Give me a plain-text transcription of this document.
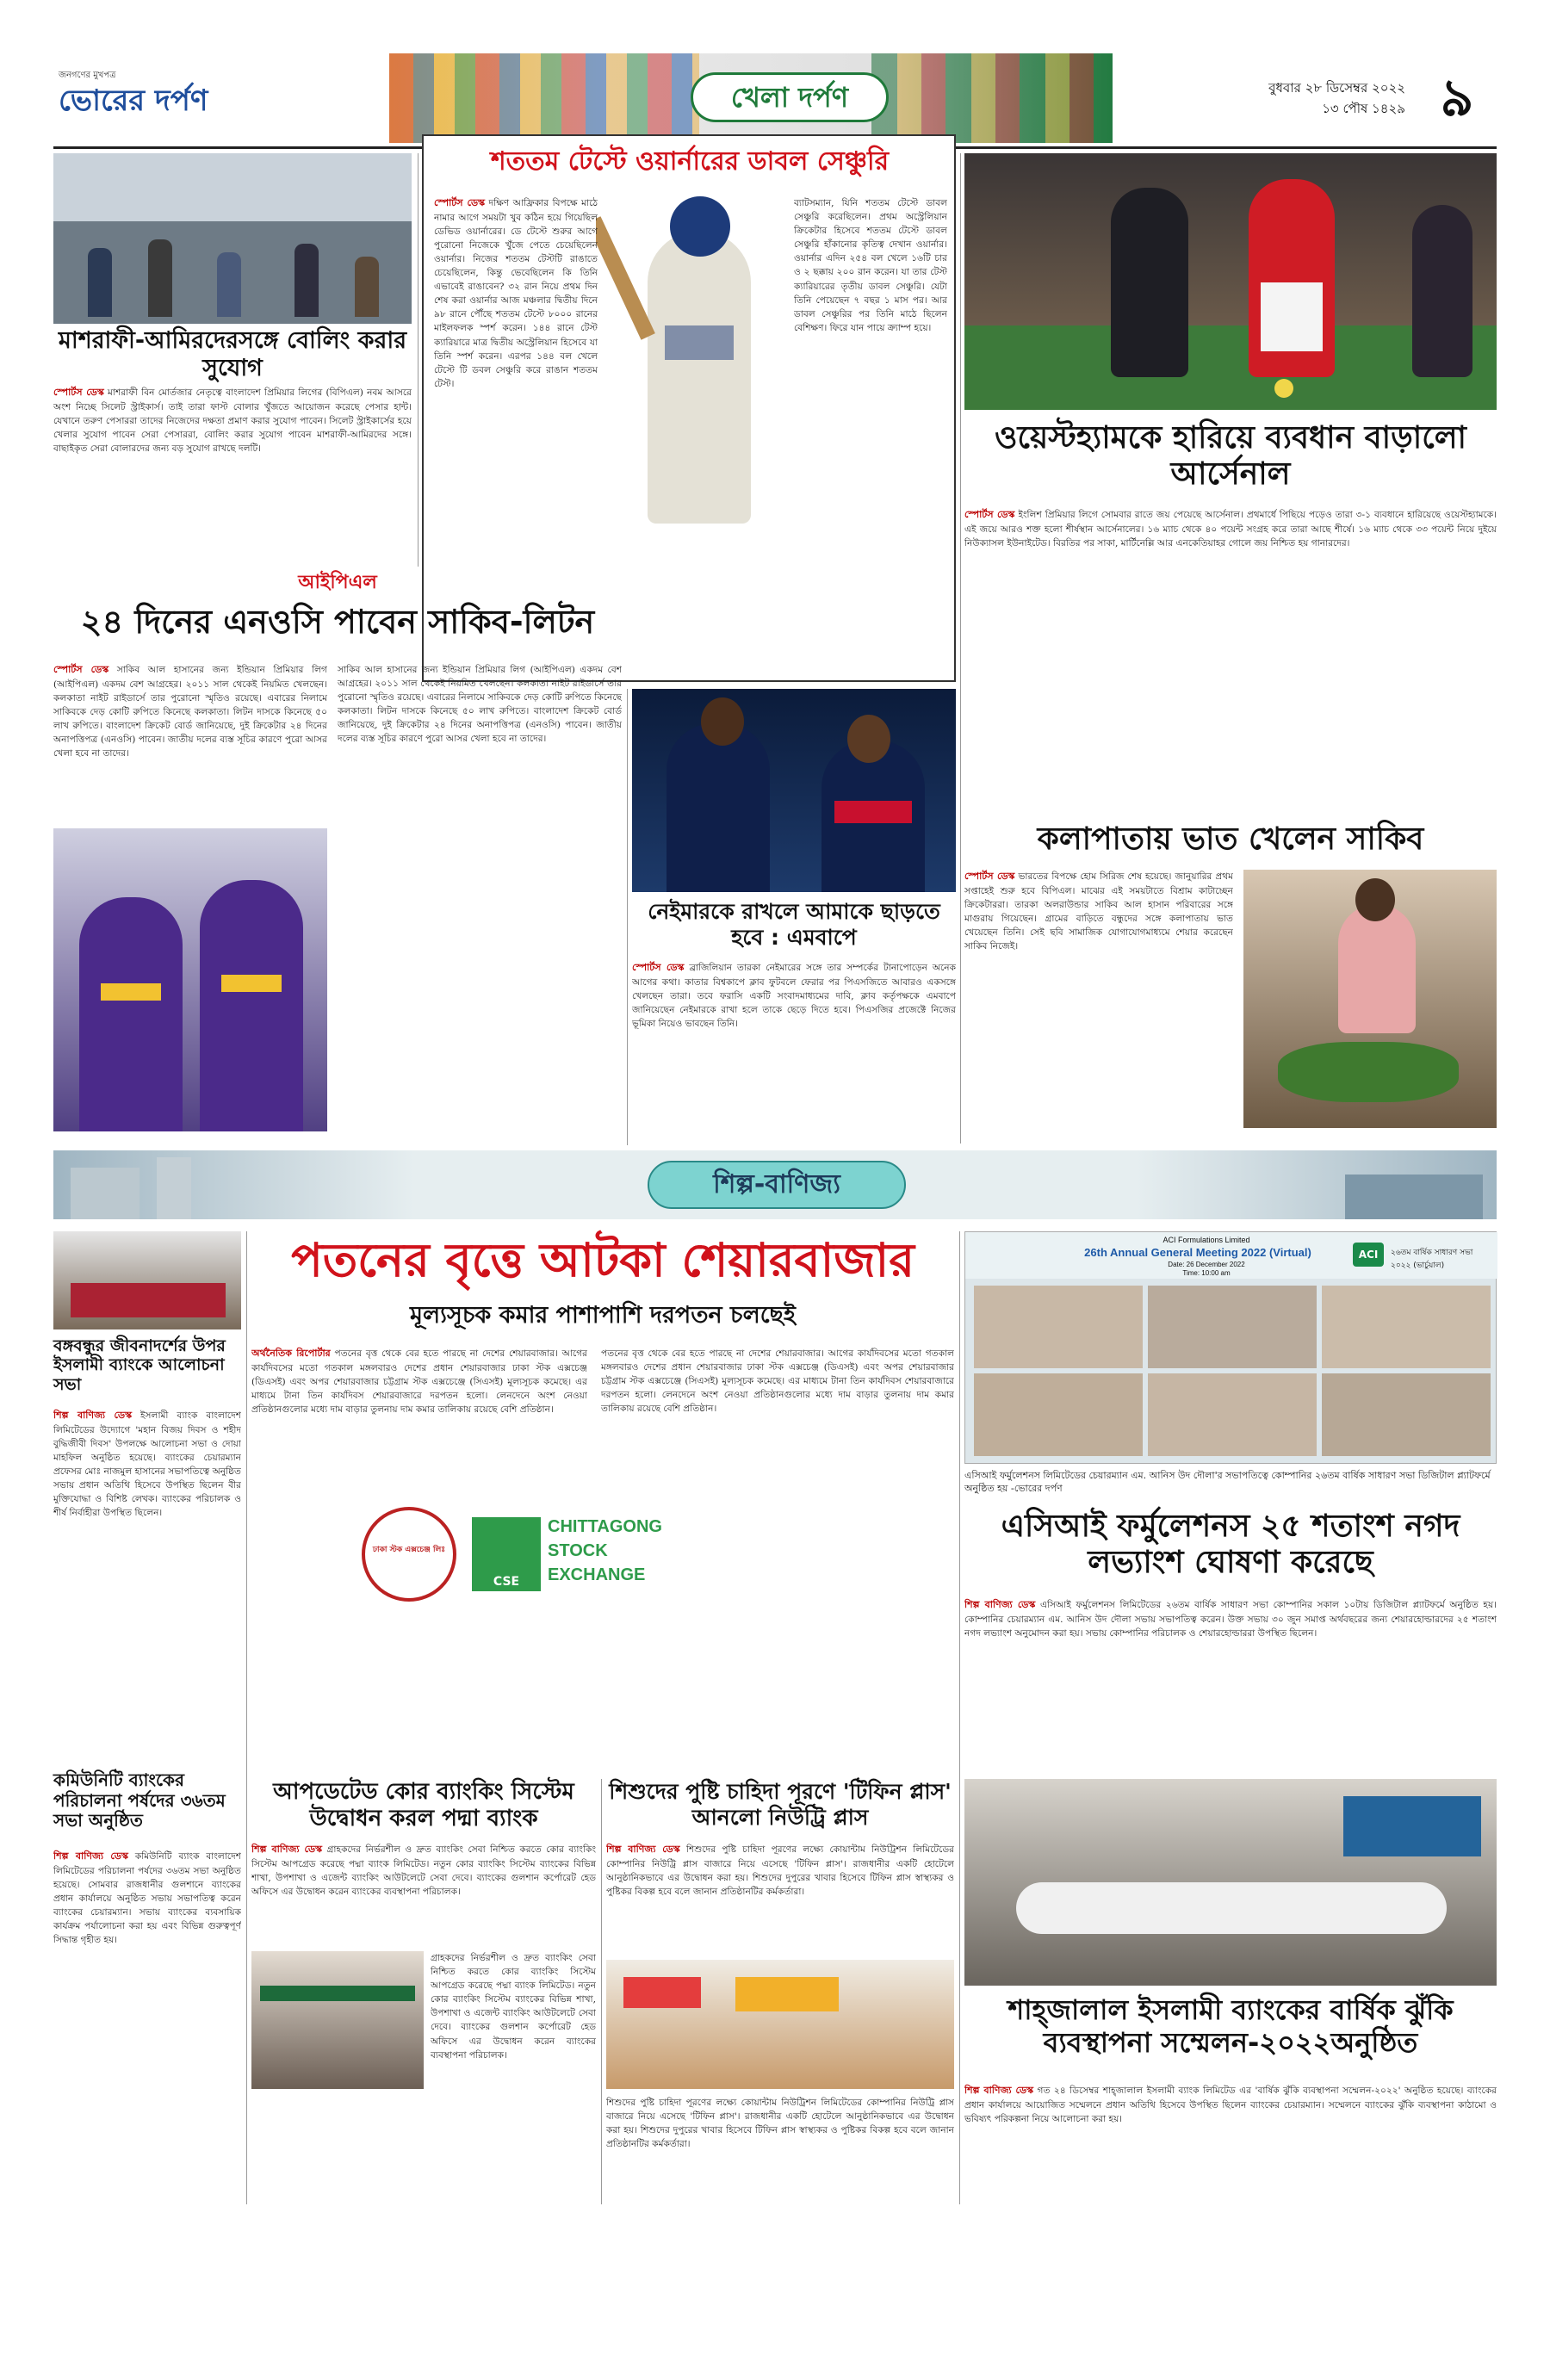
জনগণের মুখপত্র
ভোরের দর্পণ	খেলা দর্পণ	বুধবার ২৮ ডিসেম্বর ২০২২
১৩ পৌষ ১৪২৯ ৯
মাশরাফী-আমিরদেরসঙ্গে বোলিং করার সুযোগ
স্পোর্টস ডেস্ক মাশরাফী বিন মোর্তজার নেতৃত্বে বাংলাদেশ প্রিমিয়ার লিগের (বিপিএল) নবম আসরে অংশ নিচ্ছে সিলেট স্ট্রাইকার্স। তাই তারা ফাস্ট বোলার খুঁজতে আয়োজন করেছে পেসার হান্ট। যেখানে তরুণ পেসাররা তাদের নিজেদের দক্ষতা প্রমাণ করার সুযোগ পাবেন। সিলেট স্ট্রাইকার্সের হয়ে খেলার সুযোগ পাবেন সেরা পেসাররা, বোলিং করার সুযোগ পাবেন মাশরাফী-আমিরদের সঙ্গে। বাছাইকৃত সেরা বোলারদের জন্য বড় সুযোগ রাখছে দলটি।
শততম টেস্টে ওয়ার্নারের ডাবল সেঞ্চুরি
স্পোর্টস ডেস্ক দক্ষিণ আফ্রিকার বিপক্ষে মাঠে নামার আগে সময়টা খুব কঠিন হয়ে গিয়েছিল ডেভিড ওয়ার্নারের। ডে টেস্টে শুরুর আগে পুরোনো নিজেকে খুঁজে পেতে চেয়েছিলেন ওয়ার্নার। নিজের শততম টেস্টটি রাঙাতে চেয়েছিলেন, কিন্তু ভেবেছিলেন কি তিনি এভাবেই রাঙাবেন? ৩২ রান নিয়ে প্রথম দিন শেষ করা ওয়ার্নার আজ মঞ্চলার দ্বিতীয় দিনে ৯৮ রানে পৌঁছে শততম টেস্টে ৮০০০ রানের মাইলফলক স্পর্শ করেন। ১৪৪ রানে টেস্ট ক্যারিয়ারে মাত্র দ্বিতীয় অস্ট্রেলিয়ান হিসেবে যা তিনি স্পর্শ করেন। এরপর ১৪৪ বল খেলে টেস্টে টি ডবল সেঞ্চুরি করে রাঙান শততম টেস্ট।
ব্যাটসম্যান, যিনি শততম টেস্টে ডাবল সেঞ্চুরি করেছিলেন। প্রথম অস্ট্রেলিয়ান ক্রিকেটার হিসেবে শততম টেস্টে ডাবল সেঞ্চুরি হাঁকানোর কৃতিত্ব দেখান ওয়ার্নার। ওয়ার্নার এদিন ২৫৪ বল খেলে ১৬টি চার ও ২ ছক্কায় ২০০ রান করেন। যা তার টেস্ট ক্যারিয়ারের তৃতীয় ডাবল সেঞ্চুরি। যেটা তিনি পেয়েছেন ৭ বছর ১ মাস পর। আর ডাবল সেঞ্চুরির পর তিনি মাঠে ছিলেন বেশিক্ষণ। ফিরে যান পায়ে ক্র্যাম্প হয়ে।
ওয়েস্টহ্যামকে হারিয়ে ব্যবধান বাড়ালো আর্সেনাল
স্পোর্টস ডেস্ক ইংলিশ প্রিমিয়ার লিগে সোমবার রাতে জয় পেয়েছে আর্সেনাল। প্রথমার্ধে পিছিয়ে পড়েও তারা ৩-১ ব্যবধানে হারিয়েছে ওয়েস্টহ্যামকে। এই জয়ে আরও শক্ত হলো শীর্ষস্থান আর্সেনালের। ১৬ ম্যাচ থেকে ৪০ পয়েন্ট সংগ্রহ করে তারা আছে শীর্ষে। ১৬ ম্যাচ থেকে ৩৩ পয়েন্ট নিয়ে দুইয়ে নিউক্যাসল ইউনাইটেড। বিরতির পর সাকা, মার্টিনেল্লি আর এনকেতিয়াহর গোলে জয় নিশ্চিত হয় গানারদের।
আইপিএল
২৪ দিনের এনওসি পাবেন সাকিব-লিটন
স্পোর্টস ডেস্ক সাকিব আল হাসানের জন্য ইন্ডিয়ান প্রিমিয়ার লিগ (আইপিএল) একদম বেশ আগ্রহের। ২০১১ সাল থেকেই নিয়মিত খেলছেন। কলকাতা নাইট রাইডার্সে তার পুরোনো স্মৃতিও রয়েছে। এবারের নিলামে সাকিবকে দেড় কোটি রুপিতে কিনেছে কলকাতা। লিটন দাসকে কিনেছে ৫০ লাখ রুপিতে। বাংলাদেশ ক্রিকেট বোর্ড জানিয়েছে, দুই ক্রিকেটার ২৪ দিনের অনাপত্তিপত্র (এনওসি) পাবেন। জাতীয় দলের ব্যস্ত সূচির কারণে পুরো আসর খেলা হবে না তাদের।
সাকিব আল হাসানের জন্য ইন্ডিয়ান প্রিমিয়ার লিগ (আইপিএল) একদম বেশ আগ্রহের। ২০১১ সাল থেকেই নিয়মিত খেলছেন। কলকাতা নাইট রাইডার্সে তার পুরোনো স্মৃতিও রয়েছে। এবারের নিলামে সাকিবকে দেড় কোটি রুপিতে কিনেছে কলকাতা। লিটন দাসকে কিনেছে ৫০ লাখ রুপিতে। বাংলাদেশ ক্রিকেট বোর্ড জানিয়েছে, দুই ক্রিকেটার ২৪ দিনের অনাপত্তিপত্র (এনওসি) পাবেন। জাতীয় দলের ব্যস্ত সূচির কারণে পুরো আসর খেলা হবে না তাদের।
নেইমারকে রাখলে আমাকে ছাড়তে হবে : এমবাপে
স্পোর্টস ডেস্ক ব্রাজিলিয়ান তারকা নেইমারের সঙ্গে তার সম্পর্কের টানাপোড়েন অনেক আগের কথা। কাতার বিশ্বকাপে ক্লাব ফুটবলে ফেরার পর পিএসজিতে আবারও একসঙ্গে খেলছেন তারা। তবে ফরাসি একটি সংবাদমাধ্যমের দাবি, ক্লাব কর্তৃপক্ষকে এমবাপে জানিয়েছেন নেইমারকে রাখা হলে তাকে ছেড়ে দিতে হবে। পিএসজির প্রজেক্টে নিজের ভূমিকা নিয়েও ভাবছেন তিনি।
কলাপাতায় ভাত খেলেন সাকিব
স্পোর্টস ডেস্ক ভারতের বিপক্ষে হোম সিরিজ শেষ হয়েছে। জানুয়ারির প্রথম সপ্তাহেই শুরু হবে বিপিএল। মাঝের এই সময়টাতে বিশ্রাম কাটাচ্ছেন ক্রিকেটাররা। তারকা অলরাউন্ডার সাকিব আল হাসান পরিবারের সঙ্গে মাগুরায় গিয়েছেন। গ্রামের বাড়িতে বন্ধুদের সঙ্গে কলাপাতায় ভাত খেয়েছেন তিনি। সেই ছবি সামাজিক যোগাযোগমাধ্যমে শেয়ার করেছেন সাকিব নিজেই।
শিল্প-বাণিজ্য
বঙ্গবন্ধুর জীবনাদর্শের উপর ইসলামী ব্যাংকে আলোচনা সভা
শিল্প বাণিজ্য ডেস্ক ইসলামী ব্যাংক বাংলাদেশ লিমিটেডের উদ্যোগে 'মহান বিজয় দিবস ও শহীদ বুদ্ধিজীবী দিবস' উপলক্ষে আলোচনা সভা ও দোয়া মাহফিল অনুষ্ঠিত হয়েছে। ব্যাংকের চেয়ারম্যান প্রফেসর মোঃ নাজমুল হাসানের সভাপতিত্বে অনুষ্ঠিত সভায় প্রধান অতিথি হিসেবে উপস্থিত ছিলেন বীর মুক্তিযোদ্ধা ও বিশিষ্ট লেখক। ব্যাংকের পরিচালক ও শীর্ষ নির্বাহীরা উপস্থিত ছিলেন।
পতনের বৃত্তে আটকা শেয়ারবাজার
মূল্যসূচক কমার পাশাপাশি দরপতন চলছেই
অর্থনৈতিক রিপোর্টার পতনের বৃত্ত থেকে বের হতে পারছে না দেশের শেয়ারবাজার। আগের কার্যদিবসের মতো গতকাল মঙ্গলবারও দেশের প্রধান শেয়ারবাজার ঢাকা স্টক এক্সচেঞ্জ (ডিএসই) এবং অপর শেয়ারবাজার চট্টগ্রাম স্টক এক্সচেঞ্জে (সিএসই) মূল্যসূচক কমেছে। এর মাধ্যমে টানা তিন কার্যদিবস শেয়ারবাজারে দরপতন হলো। লেনদেনে অংশ নেওয়া প্রতিষ্ঠানগুলোর মধ্যে দাম বাড়ার তুলনায় দাম কমার তালিকায় রয়েছে বেশি প্রতিষ্ঠান।
পতনের বৃত্ত থেকে বের হতে পারছে না দেশের শেয়ারবাজার। আগের কার্যদিবসের মতো গতকাল মঙ্গলবারও দেশের প্রধান শেয়ারবাজার ঢাকা স্টক এক্সচেঞ্জ (ডিএসই) এবং অপর শেয়ারবাজার চট্টগ্রাম স্টক এক্সচেঞ্জে (সিএসই) মূল্যসূচক কমেছে। এর মাধ্যমে টানা তিন কার্যদিবস শেয়ারবাজারে দরপতন হলো। লেনদেনে অংশ নেওয়া প্রতিষ্ঠানগুলোর মধ্যে দাম বাড়ার তুলনায় দাম কমার তালিকায় রয়েছে বেশি প্রতিষ্ঠান।
ঢাকা স্টক এক্সচেঞ্জ লিঃ
CSE
CHITTAGONG
STOCK
EXCHANGE
ACI Formulations Limited
26th Annual General Meeting 2022 (Virtual)
Date: 26 December 2022
Time: 10:00 am
ACI	২৬তম বার্ষিক সাধারণ সভা ২০২২ (ভার্চুয়াল)
এসিআই ফর্মুলেশনস লিমিটেডের চেয়ারম্যান এম. আনিস উদ দৌলা'র সভাপতিত্বে কোম্পানির ২৬তম বার্ষিক সাধারণ সভা ডিজিটাল প্ল্যাটফর্মে অনুষ্ঠিত হয় -ভোরের দর্পণ
এসিআই ফর্মুলেশনস ২৫ শতাংশ নগদ লভ্যাংশ ঘোষণা করেছে
শিল্প বাণিজ্য ডেস্ক এসিআই ফর্মুলেশনস লিমিটেডের ২৬তম বার্ষিক সাধারণ সভা কোম্পানির সকাল ১০টায় ডিজিটাল প্ল্যাটফর্মে অনুষ্ঠিত হয়। কোম্পানির চেয়ারম্যান এম. আনিস উদ দৌলা সভায় সভাপতিত্ব করেন। উক্ত সভায় ৩০ জুন সমাপ্ত অর্থবছরের জন্য শেয়ারহোল্ডারদের ২৫ শতাংশ নগদ লভ্যাংশ অনুমোদন করা হয়। সভায় কোম্পানির পরিচালক ও শেয়ারহোল্ডাররা উপস্থিত ছিলেন।
কমিউনিটি ব্যাংকের পরিচালনা পর্ষদের ৩৬তম সভা অনুষ্ঠিত
শিল্প বাণিজ্য ডেস্ক কমিউনিটি ব্যাংক বাংলাদেশ লিমিটেডের পরিচালনা পর্ষদের ৩৬তম সভা অনুষ্ঠিত হয়েছে। সোমবার রাজধানীর গুলশানে ব্যাংকের প্রধান কার্যালয়ে অনুষ্ঠিত সভায় সভাপতিত্ব করেন ব্যাংকের চেয়ারম্যান। সভায় ব্যাংকের ব্যবসায়িক কার্যক্রম পর্যালোচনা করা হয় এবং বিভিন্ন গুরুত্বপূর্ণ সিদ্ধান্ত গৃহীত হয়।
আপডেটেড কোর ব্যাংকিং সিস্টেম উদ্বোধন করল পদ্মা ব্যাংক
শিল্প বাণিজ্য ডেস্ক গ্রাহকদের নির্ভরশীল ও দ্রুত ব্যাংকিং সেবা নিশ্চিত করতে কোর ব্যাংকিং সিস্টেম আপগ্রেড করেছে পদ্মা ব্যাংক লিমিটেড। নতুন কোর ব্যাংকিং সিস্টেম ব্যাংকের বিভিন্ন শাখা, উপশাখা ও এজেন্ট ব্যাংকিং আউটলেটে সেবা দেবে। ব্যাংকের গুলশান কর্পোরেট হেড অফিসে এর উদ্বোধন করেন ব্যাংকের ব্যবস্থাপনা পরিচালক।
গ্রাহকদের নির্ভরশীল ও দ্রুত ব্যাংকিং সেবা নিশ্চিত করতে কোর ব্যাংকিং সিস্টেম আপগ্রেড করেছে পদ্মা ব্যাংক লিমিটেড। নতুন কোর ব্যাংকিং সিস্টেম ব্যাংকের বিভিন্ন শাখা, উপশাখা ও এজেন্ট ব্যাংকিং আউটলেটে সেবা দেবে। ব্যাংকের গুলশান কর্পোরেট হেড অফিসে এর উদ্বোধন করেন ব্যাংকের ব্যবস্থাপনা পরিচালক।
শিশুদের পুষ্টি চাহিদা পূরণে 'টিফিন প্লাস' আনলো নিউট্রি প্লাস
শিল্প বাণিজ্য ডেস্ক শিশুদের পুষ্টি চাহিদা পূরণের লক্ষ্যে কোয়ান্টাম নিউট্রিশন লিমিটেডের কোম্পানির নিউট্রি প্লাস বাজারে নিয়ে এসেছে 'টিফিন প্লাস'। রাজধানীর একটি হোটেলে আনুষ্ঠানিকভাবে এর উদ্বোধন করা হয়। শিশুদের দুপুরের খাবার হিসেবে টিফিন প্লাস স্বাস্থ্যকর ও পুষ্টিকর বিকল্প হবে বলে জানান প্রতিষ্ঠানটির কর্মকর্তারা।
শিশুদের পুষ্টি চাহিদা পূরণের লক্ষ্যে কোয়ান্টাম নিউট্রিশন লিমিটেডের কোম্পানির নিউট্রি প্লাস বাজারে নিয়ে এসেছে 'টিফিন প্লাস'। রাজধানীর একটি হোটেলে আনুষ্ঠানিকভাবে এর উদ্বোধন করা হয়। শিশুদের দুপুরের খাবার হিসেবে টিফিন প্লাস স্বাস্থ্যকর ও পুষ্টিকর বিকল্প হবে বলে জানান প্রতিষ্ঠানটির কর্মকর্তারা।
শাহ্জালাল ইসলামী ব্যাংকের বার্ষিক ঝুঁকি ব্যবস্থাপনা সম্মেলন-২০২২অনুষ্ঠিত
শিল্প বাণিজ্য ডেস্ক গত ২৪ ডিসেম্বর শাহ্জালাল ইসলামী ব্যাংক লিমিটেড এর 'বার্ষিক ঝুঁকি ব্যবস্থাপনা সম্মেলন-২০২২' অনুষ্ঠিত হয়েছে। ব্যাংকের প্রধান কার্যালয়ে আয়োজিত সম্মেলনে প্রধান অতিথি হিসেবে উপস্থিত ছিলেন ব্যাংকের চেয়ারম্যান। সম্মেলনে ব্যাংকের ঝুঁকি ব্যবস্থাপনা কাঠামো ও ভবিষ্যৎ পরিকল্পনা নিয়ে আলোচনা করা হয়।
